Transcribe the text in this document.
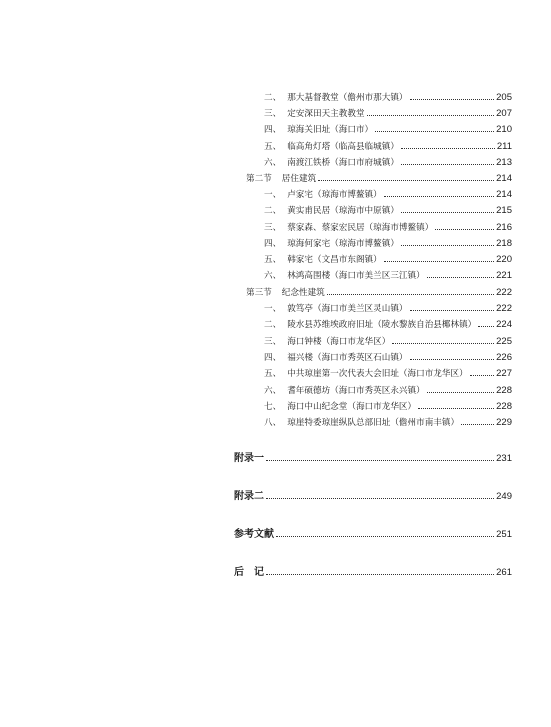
二、 那大基督教堂（儋州市那大镇）	205
三、 定安深田天主教教堂	207
四、 琼海关旧址（海口市）	210
五、 临高角灯塔（临高县临城镇）	211
六、 南渡江铁桥（海口市府城镇）	213
第二节 居住建筑	214
一、 卢家宅（琼海市博鳌镇）	214
二、 黄实甫民居（琼海市中原镇）	215
三、 蔡家森、蔡家宏民居（琼海市博鳌镇）	216
四、 琼海何家宅（琼海市博鳌镇）	218
五、 韩家宅（文昌市东阁镇）	220
六、 林鸿高围楼（海口市美兰区三江镇）	221
第三节 纪念性建筑	222
一、 敦笃亭（海口市美兰区灵山镇）	222
二、 陵水县苏维埃政府旧址（陵水黎族自治县椰林镇） 224
三、 海口钟楼（海口市龙华区）	225
四、 福兴楼（海口市秀英区石山镇）	226
五、 中共琼崖第一次代表大会旧址（海口市龙华区）	227
六、 耆年硕德坊（海口市秀英区永兴镇）	228
七、 海口中山纪念堂（海口市龙华区）	228
八、 琼崖特委琼崖纵队总部旧址（儋州市南丰镇）	229
附录一	231
附录二	249
参考文献	251
后　记	261
